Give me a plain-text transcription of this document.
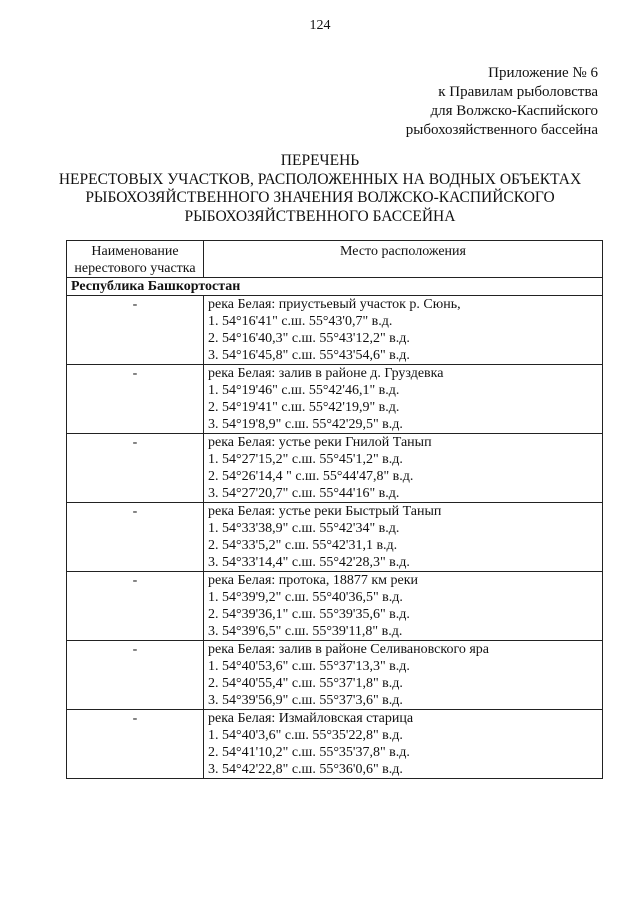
124
Приложение № 6
к Правилам рыболовства
для Волжско-Каспийского
рыбохозяйственного бассейна
ПЕРЕЧЕНЬ
НЕРЕСТОВЫХ УЧАСТКОВ, РАСПОЛОЖЕННЫХ НА ВОДНЫХ ОБЪЕКТАХ
РЫБОХОЗЯЙСТВЕННОГО ЗНАЧЕНИЯ ВОЛЖСКО-КАСПИЙСКОГО
РЫБОХОЗЯЙСТВЕННОГО БАССЕЙНА
Наименование
нерестового участка	Место расположения
Республика Башкортостан	
-	река Белая: приустьевый участок р. Сюнь,
1. 54°16'41" с.ш. 55°43'0,7" в.д.
2. 54°16'40,3" с.ш. 55°43'12,2" в.д.
3. 54°16'45,8" с.ш. 55°43'54,6" в.д.

-	река Белая: залив в районе д. Груздевка
1. 54°19'46" с.ш. 55°42'46,1" в.д.
2. 54°19'41" с.ш. 55°42'19,9" в.д.
3. 54°19'8,9" с.ш. 55°42'29,5" в.д.

-	река Белая: устье реки Гнилой Танып
1. 54°27'15,2" с.ш. 55°45'1,2" в.д.
2. 54°26'14,4 " с.ш. 55°44'47,8" в.д.
3. 54°27'20,7" с.ш. 55°44'16" в.д.

-	река Белая: устье реки Быстрый Танып
1. 54°33'38,9" с.ш. 55°42'34" в.д.
2. 54°33'5,2" с.ш. 55°42'31,1 в.д.
3. 54°33'14,4" с.ш. 55°42'28,3" в.д.

-	река Белая: протока, 18877 км реки
1. 54°39'9,2" с.ш. 55°40'36,5" в.д.
2. 54°39'36,1" с.ш. 55°39'35,6" в.д.
3. 54°39'6,5" с.ш. 55°39'11,8" в.д.

-	река Белая: залив в районе Селивановского яра
1. 54°40'53,6" с.ш. 55°37'13,3" в.д.
2. 54°40'55,4" с.ш. 55°37'1,8" в.д.
3. 54°39'56,9" с.ш. 55°37'3,6" в.д.

-	река Белая: Измайловская старица
1. 54°40'3,6" с.ш. 55°35'22,8" в.д.
2. 54°41'10,2" с.ш. 55°35'37,8" в.д.
3. 54°42'22,8" с.ш. 55°36'0,6" в.д.
